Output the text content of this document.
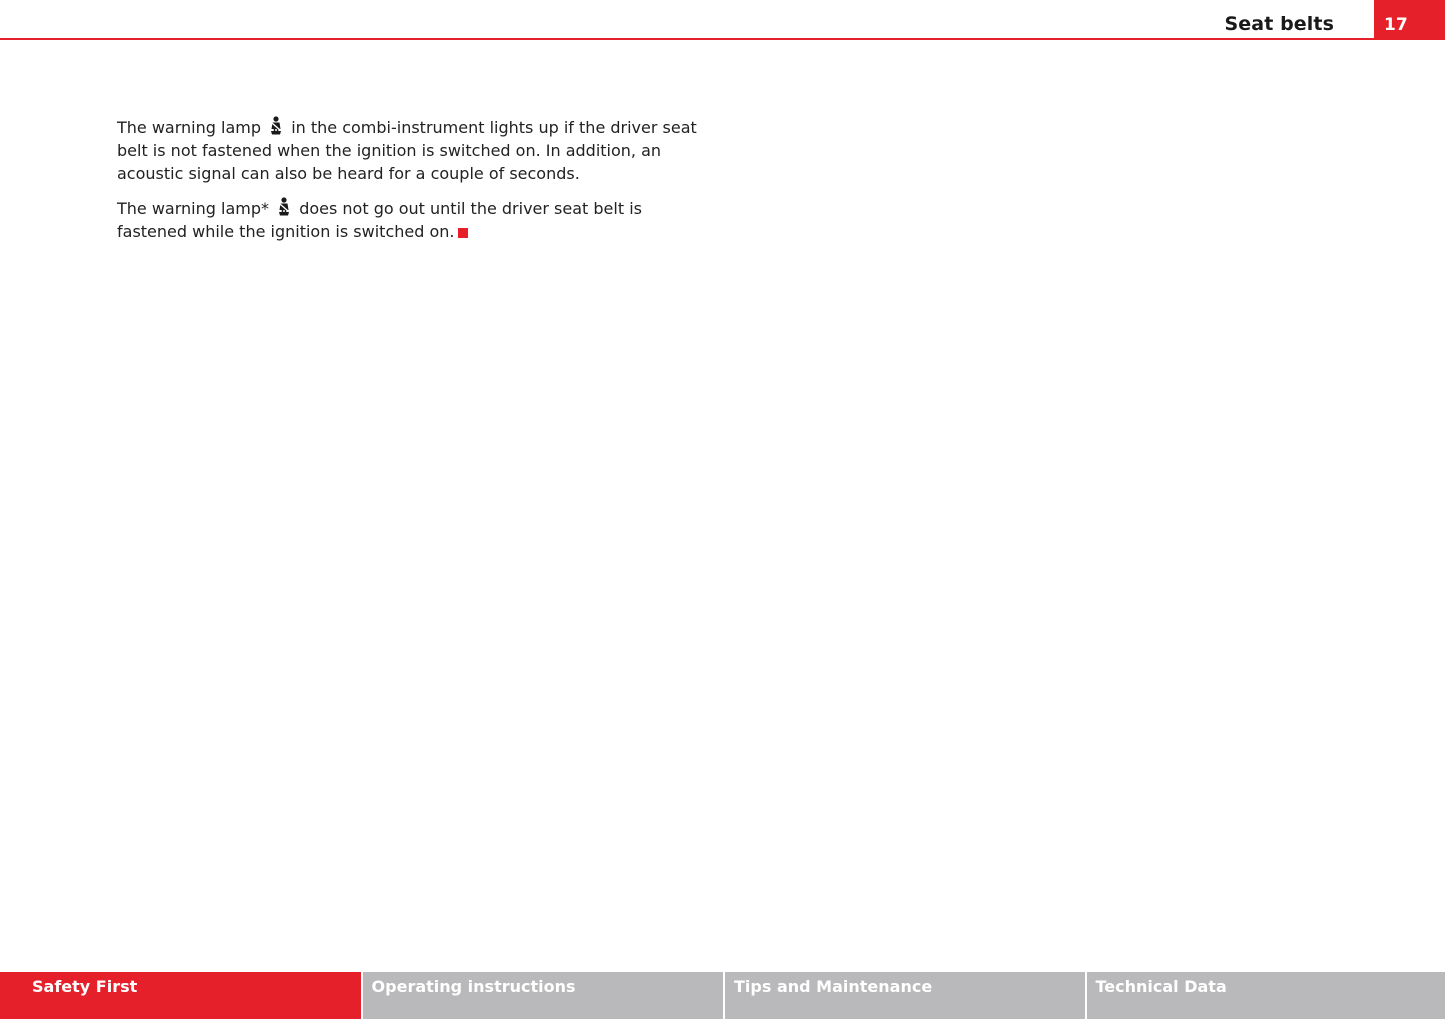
Seat belts	17

The warning lamp in the combi-instrument lights up if the driver seat belt is not fastened when the ignition is switched on. In addition, an acoustic signal can also be heard for a couple of seconds.

The warning lamp* does not go out until the driver seat belt is fastened while the ignition is switched on.

Safety First	Operating instructions	Tips and Maintenance	Technical Data
